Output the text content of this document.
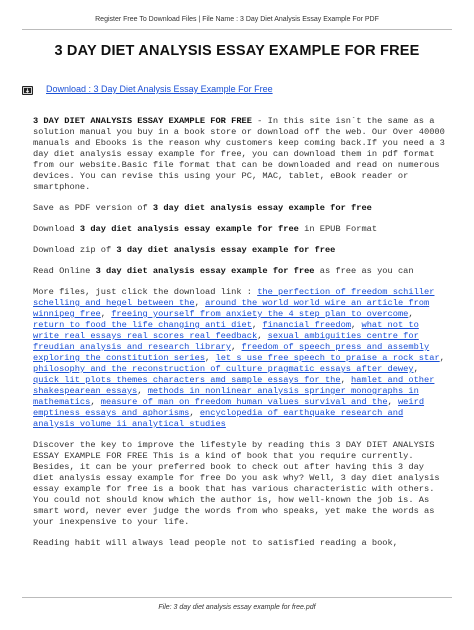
Register Free To Download Files | File Name : 3 Day Diet Analysis Essay Example For PDF
3 DAY DIET ANALYSIS ESSAY EXAMPLE FOR FREE
Download : 3 Day Diet Analysis Essay Example For Free

3 DAY DIET ANALYSIS ESSAY EXAMPLE FOR FREE - In this site isn`t the same as a solution manual you buy in a book store or download off the web. Our Over 40000 manuals and Ebooks is the reason why customers keep coming back.If you need a 3 day diet analysis essay example for free, you can download them in pdf format from our website.Basic file format that can be downloaded and read on numerous devices. You can revise this using your PC, MAC, tablet, eBook reader or smartphone.

Save as PDF version of 3 day diet analysis essay example for free

Download 3 day diet analysis essay example for free in EPUB Format

Download zip of 3 day diet analysis essay example for free

Read Online 3 day diet analysis essay example for free as free as you can

More files, just click the download link : the perfection of freedom schiller schelling and hegel between the, around the world world wire an article from winnipeg free, freeing yourself from anxiety the 4 step plan to overcome, return to food the life changing anti diet, financial freedom, what not to write real essays real scores real feedback, sexual ambiguities centre for freudian analysis and research library, freedom of speech press and assembly exploring the constitution series, let s use free speech to praise a rock star, philosophy and the reconstruction of culture pragmatic essays after dewey, quick lit plots themes characters amd sample essays for the, hamlet and other shakespearean essays, methods in nonlinear analysis springer monographs in mathematics, measure of man on freedom human values survival and the, weird emptiness essays and aphorisms, encyclopedia of earthquake research and analysis volume ii analytical studies

Discover the key to improve the lifestyle by reading this 3 DAY DIET ANALYSIS ESSAY EXAMPLE FOR FREE This is a kind of book that you require currently. Besides, it can be your preferred book to check out after having this 3 day diet analysis essay example for free Do you ask why? Well, 3 day diet analysis essay example for free is a book that has various characteristic with others. You could not should know which the author is, how well-known the job is. As smart word, never ever judge the words from who speaks, yet make the words as your inexpensive to your life.

Reading habit will always lead people not to satisfied reading a book,

File: 3 day diet analysis essay example for free.pdf
